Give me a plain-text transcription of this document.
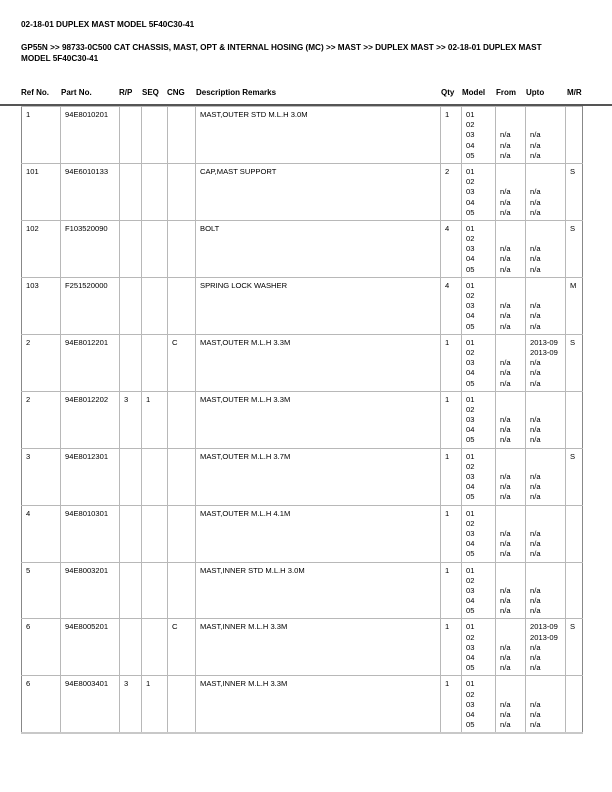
02-18-01 DUPLEX MAST MODEL 5F40C30-41
GP55N >> 98733-0C500 CAT CHASSIS, MAST, OPT & INTERNAL HOSING (MC) >> MAST >> DUPLEX MAST >> 02-18-01 DUPLEX MAST
MODEL 5F40C30-41
Ref No. Part No.	R/P SEQ CNG Description Remarks	Qty Model From Upto	M/R
1	94E8010201				MAST,OUTER STD M.L.H 3.0M	1	01
02
03
04
05	n/a
n/a
n/a	n/a
n/a
n/a	

101	94E6010133				CAP,MAST SUPPORT	2	01
02
03
04
05	n/a
n/a
n/a	n/a
n/a
n/a	S
102	F103520090				BOLT	4	01
02
03
04
05	n/a
n/a
n/a	n/a
n/a
n/a	S
103	F251520000				SPRING LOCK WASHER	4	01
02
03
04
05	n/a
n/a
n/a	n/a
n/a
n/a	M
2	94E8012201			C	MAST,OUTER M.L.H 3.3M	1	01
02
03
04
05	n/a
n/a
n/a	2013-09
2013-09
n/a
n/a
n/a	S
2	94E8012202	3	1		MAST,OUTER M.L.H 3.3M	1	01
02
03
04
05	n/a
n/a
n/a	n/a
n/a
n/a	

3	94E8012301				MAST,OUTER M.L.H 3.7M	1	01
02
03
04
05	n/a
n/a
n/a	n/a
n/a
n/a	S
4	94E8010301				MAST,OUTER M.L.H 4.1M	1	01
02
03
04
05	n/a
n/a
n/a	n/a
n/a
n/a	

5	94E8003201				MAST,INNER STD M.L.H 3.0M	1	01
02
03
04
05	n/a
n/a
n/a	n/a
n/a
n/a	

6	94E8005201			C	MAST,INNER M.L.H 3.3M	1	01
02
03
04
05	n/a
n/a
n/a	2013-09
2013-09
n/a
n/a
n/a	S
6	94E8003401	3	1		MAST,INNER M.L.H 3.3M	1	01
02
03
04
05	n/a
n/a
n/a	n/a
n/a
n/a	
